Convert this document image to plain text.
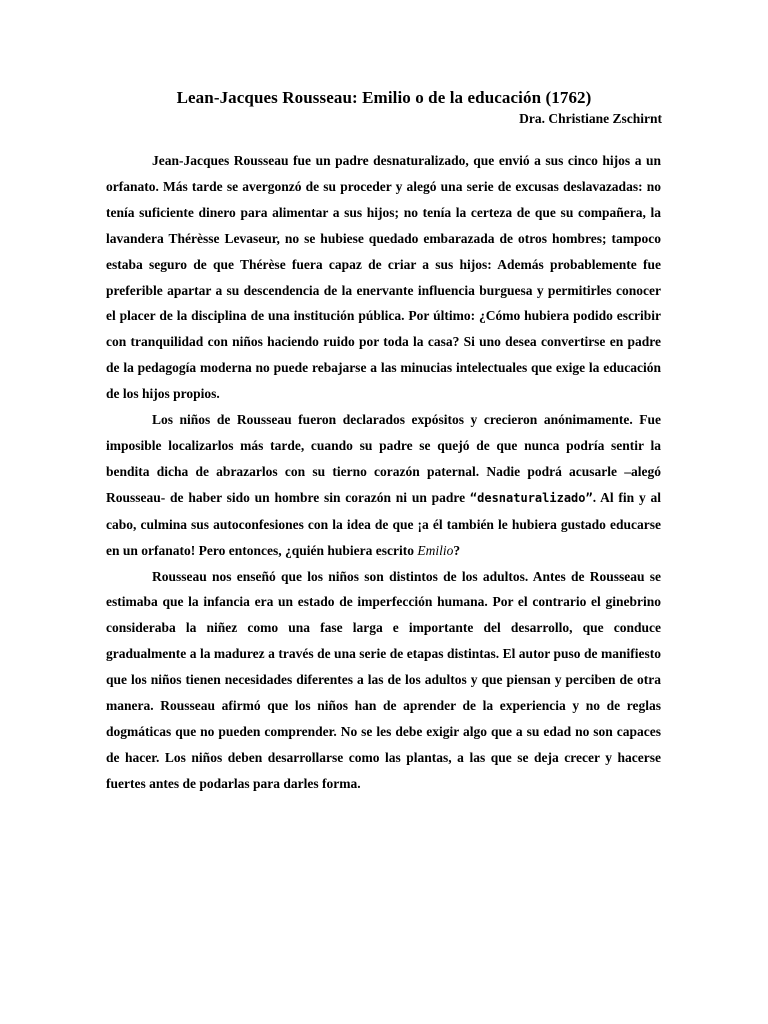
Lean-Jacques Rousseau: Emilio o de la educación (1762)

Dra. Christiane Zschirnt

Jean-Jacques Rousseau fue un padre desnaturalizado, que envió a sus cinco hijos a un orfanato. Más tarde se avergonzó de su proceder y alegó una serie de excusas deslavazadas: no tenía suficiente dinero para alimentar a sus hijos; no tenía la certeza de que su compañera, la lavandera Thérèsse Levaseur, no se hubiese quedado embarazada de otros hombres; tampoco estaba seguro de que Thérèse fuera capaz de criar a sus hijos: Además probablemente fue preferible apartar a su descendencia de la enervante influencia burguesa y permitirles conocer el placer de la disciplina de una institución pública. Por último: ¿Cómo hubiera podido escribir con tranquilidad con niños haciendo ruido por toda la casa? Si uno desea convertirse en padre de la pedagogía moderna no puede rebajarse a las minucias intelectuales que exige la educación de los hijos propios.

Los niños de Rousseau fueron declarados expósitos y crecieron anónimamente. Fue imposible localizarlos más tarde, cuando su padre se quejó de que nunca podría sentir la bendita dicha de abrazarlos con su tierno corazón paternal. Nadie podrá acusarle –alegó Rousseau- de haber sido un hombre sin corazón ni un padre “desnaturalizado”. Al fin y al cabo, culmina sus autoconfesiones con la idea de que ¡a él también le hubiera gustado educarse en un orfanato! Pero entonces, ¿quién hubiera escrito Emilio?

Rousseau nos enseñó que los niños son distintos de los adultos. Antes de Rousseau se estimaba que la infancia era un estado de imperfección humana. Por el contrario el ginebrino consideraba la niñez como una fase larga e importante del desarrollo, que conduce gradualmente a la madurez a través de una serie de etapas distintas. El autor puso de manifiesto que los niños tienen necesidades diferentes a las de los adultos y que piensan y perciben de otra manera. Rousseau afirmó que los niños han de aprender de la experiencia y no de reglas dogmáticas que no pueden comprender. No se les debe exigir algo que a su edad no son capaces de hacer. Los niños deben desarrollarse como las plantas, a las que se deja crecer y hacerse fuertes antes de podarlas para darles forma.
